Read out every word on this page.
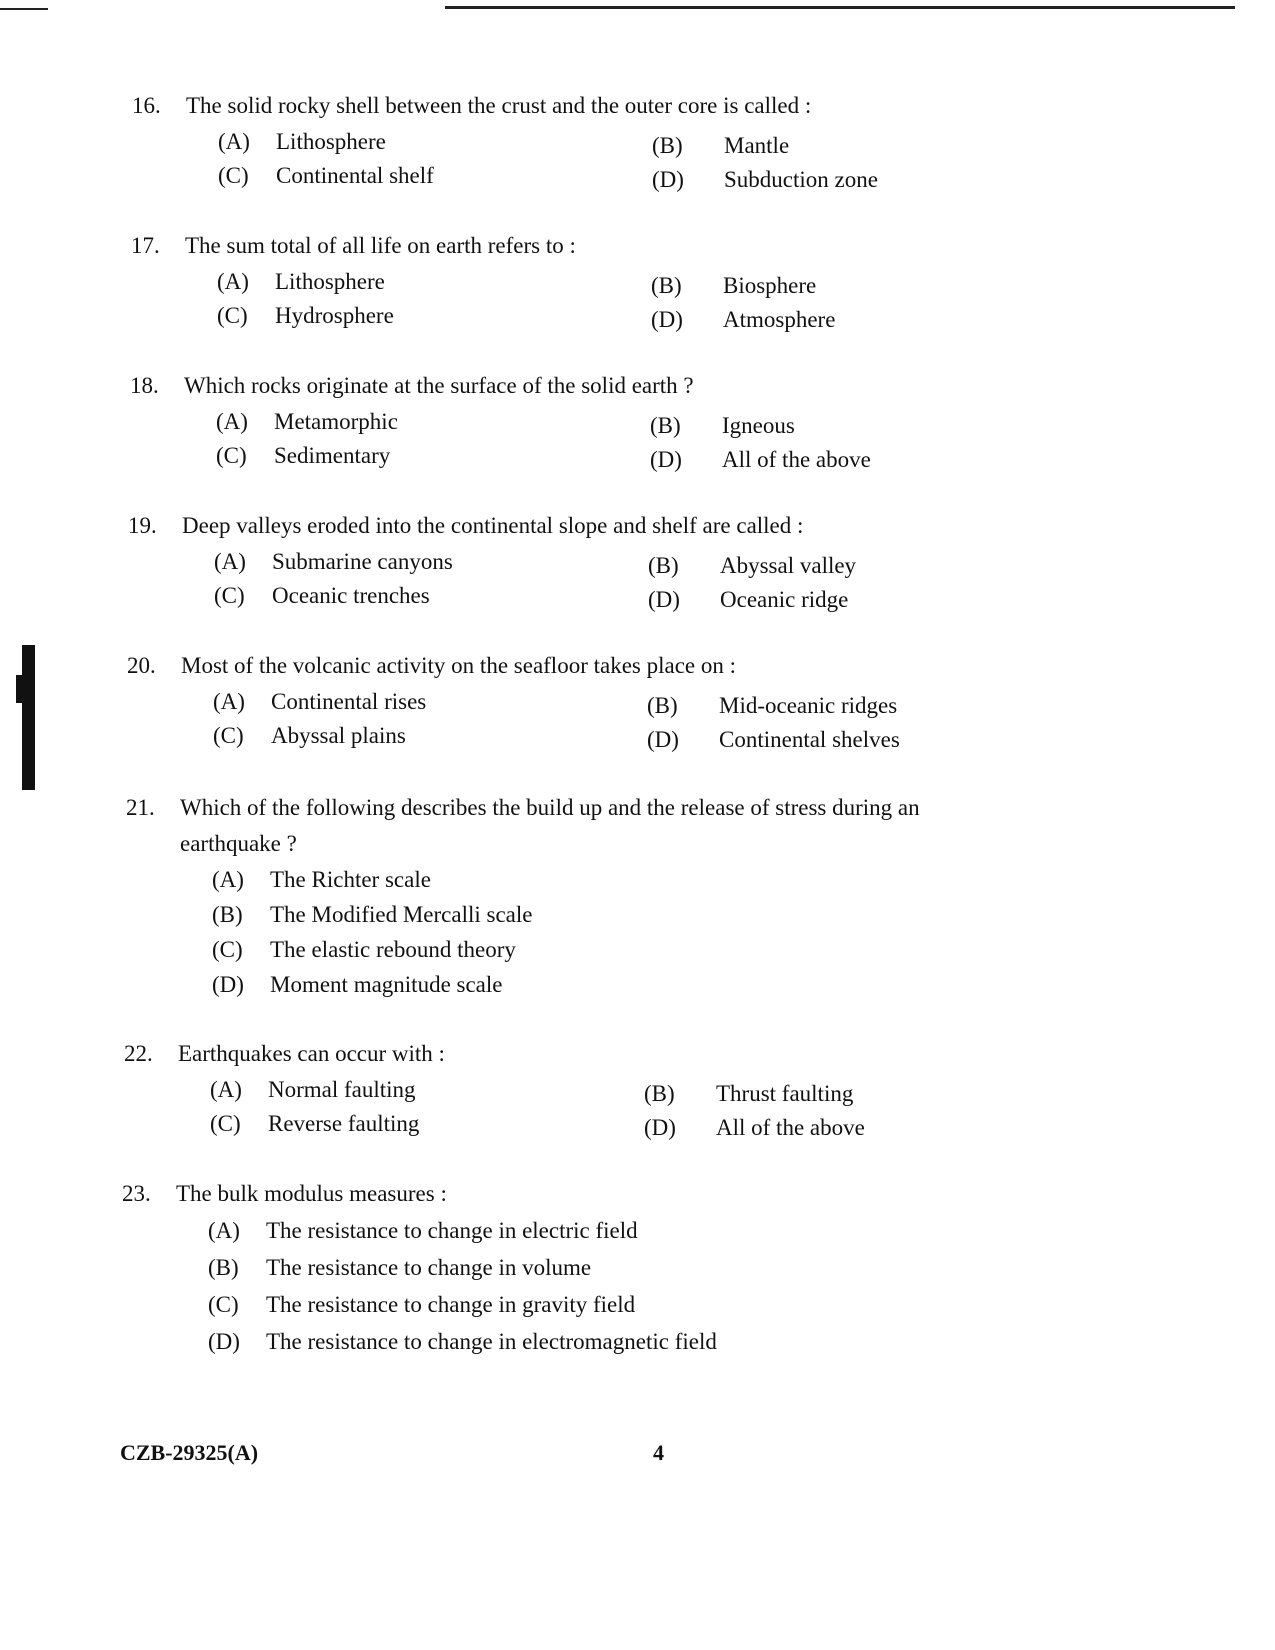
16.	The solid rocky shell between the crust and the outer core is called :
(A) Lithosphere	(B) Mantle
(C) Continental shelf	(D) Subduction zone
17.	The sum total of all life on earth refers to :
(A) Lithosphere	(B) Biosphere
(C) Hydrosphere	(D) Atmosphere
18.	Which rocks originate at the surface of the solid earth ?
(A) Metamorphic	(B) Igneous
(C) Sedimentary	(D) All of the above
19.	Deep valleys eroded into the continental slope and shelf are called :
(A) Submarine canyons	(B) Abyssal valley
(C) Oceanic trenches	(D) Oceanic ridge
20.	Most of the volcanic activity on the seafloor takes place on :
(A) Continental rises	(B) Mid-oceanic ridges
(C) Abyssal plains	(D) Continental shelves
21.	Which of the following describes the build up and the release of stress during an earthquake ?
(A) The Richter scale
(B) The Modified Mercalli scale
(C) The elastic rebound theory
(D) Moment magnitude scale
22.	Earthquakes can occur with :
(A) Normal faulting	(B) Thrust faulting
(C) Reverse faulting	(D) All of the above
23.	The bulk modulus measures :
(A) The resistance to change in electric field
(B) The resistance to change in volume
(C) The resistance to change in gravity field
(D) The resistance to change in electromagnetic field
CZB-29325(A)	4
